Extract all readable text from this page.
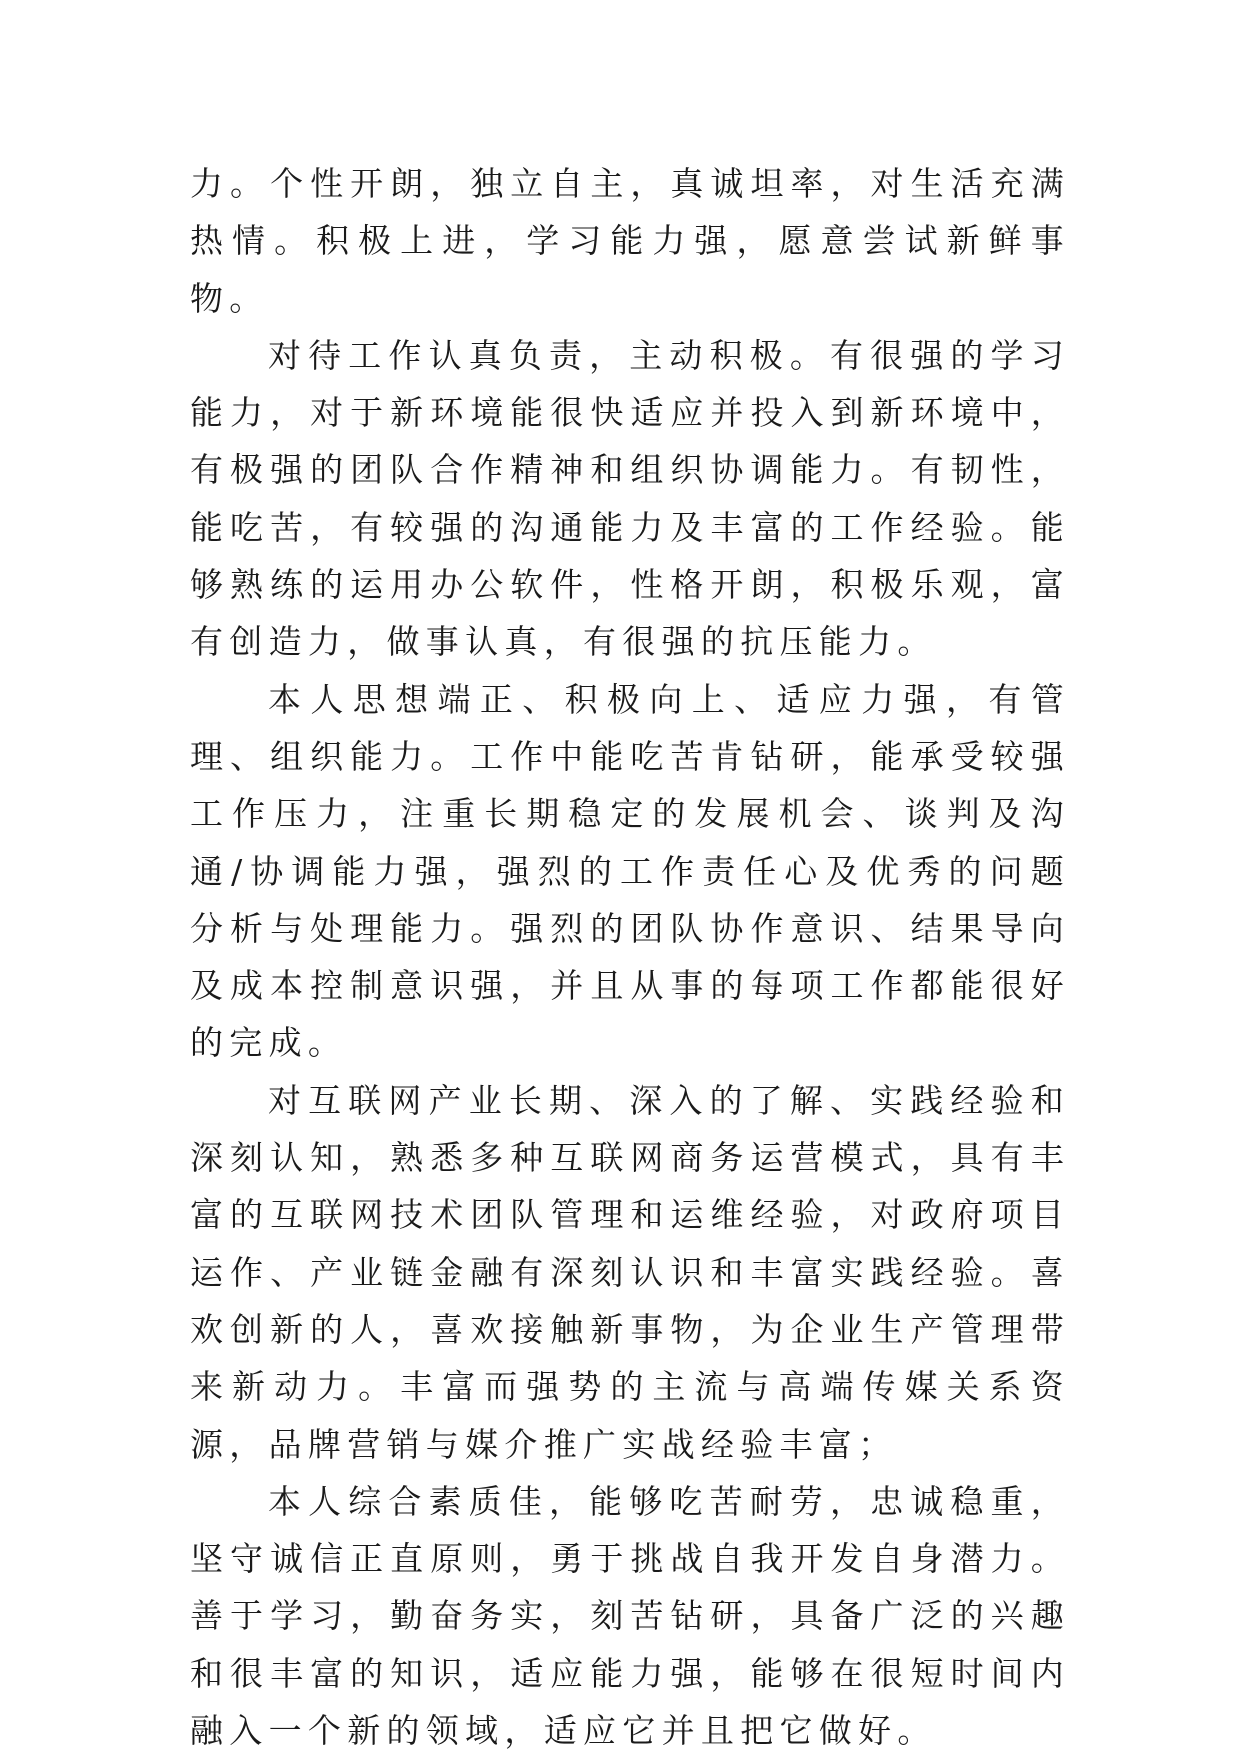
力。个性开朗，独立自主，真诚坦率，对生活充满热情。积极上进，学习能力强，愿意尝试新鲜事物。

对待工作认真负责，主动积极。有很强的学习能力，对于新环境能很快适应并投入到新环境中，有极强的团队合作精神和组织协调能力。有韧性，能吃苦，有较强的沟通能力及丰富的工作经验。能够熟练的运用办公软件，性格开朗，积极乐观，富有创造力，做事认真，有很强的抗压能力。

本人思想端正、积极向上、适应力强，有管理、组织能力。工作中能吃苦肯钻研，能承受较强工作压力，注重长期稳定的发展机会、谈判及沟通/协调能力强，强烈的工作责任心及优秀的问题分析与处理能力。强烈的团队协作意识、结果导向及成本控制意识强，并且从事的每项工作都能很好的完成。

对互联网产业长期、深入的了解、实践经验和深刻认知，熟悉多种互联网商务运营模式，具有丰富的互联网技术团队管理和运维经验，对政府项目运作、产业链金融有深刻认识和丰富实践经验。喜欢创新的人，喜欢接触新事物，为企业生产管理带来新动力。丰富而强势的主流与高端传媒关系资源，品牌营销与媒介推广实战经验丰富；

本人综合素质佳，能够吃苦耐劳，忠诚稳重，坚守诚信正直原则，勇于挑战自我开发自身潜力。善于学习，勤奋务实，刻苦钻研，具备广泛的兴趣和很丰富的知识，适应能力强，能够在很短时间内融入一个新的领域，适应它并且把它做好。
